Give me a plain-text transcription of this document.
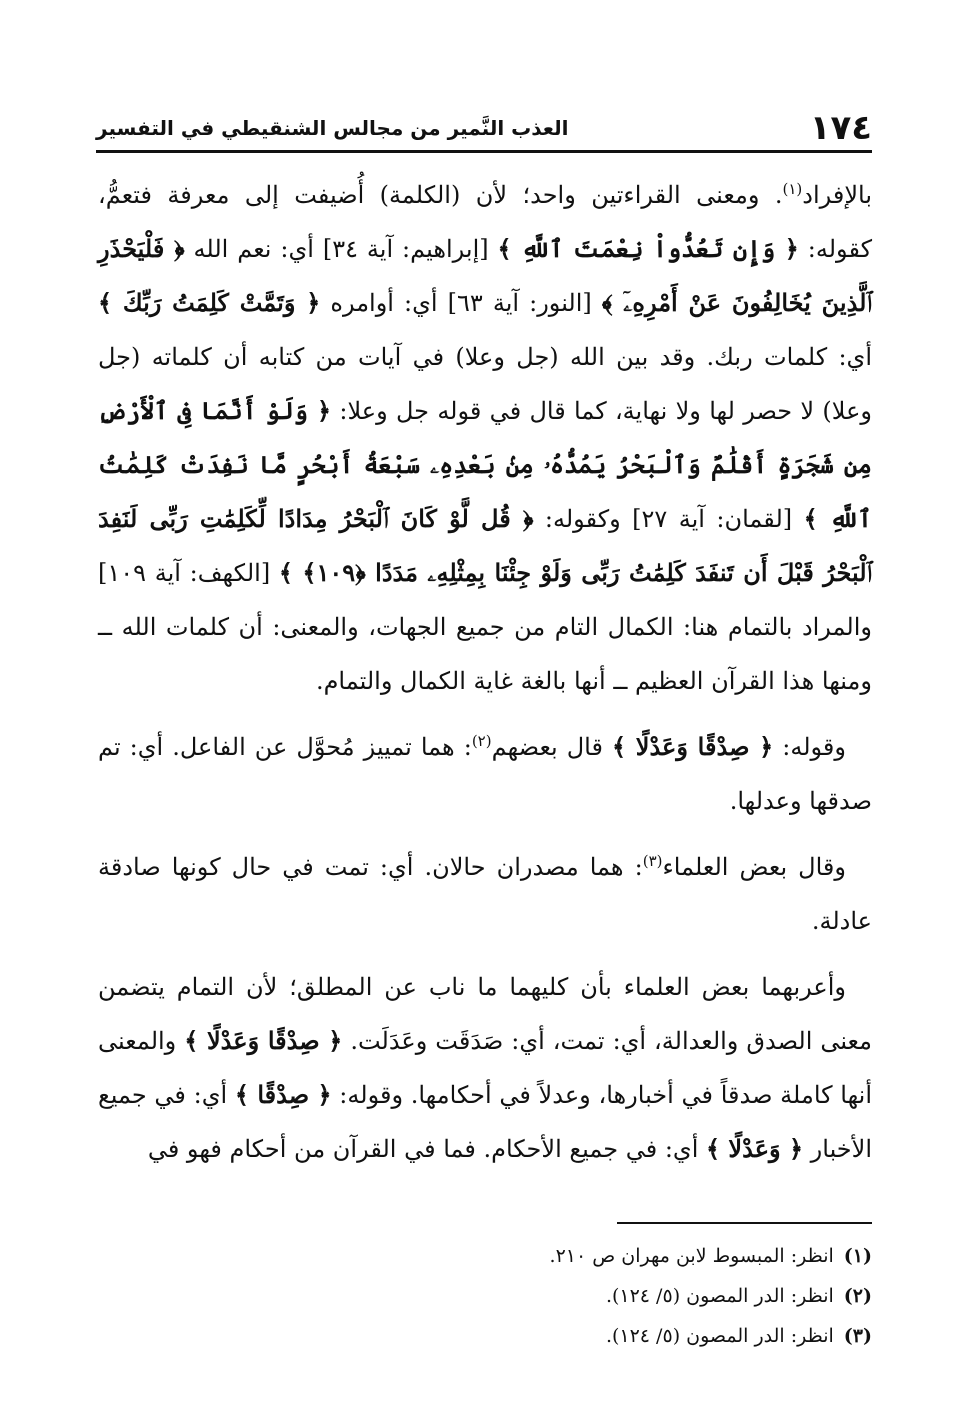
١٧٤
العذب النَّمير من مجالس الشنقيطي في التفسير

بالإفراد$^{(١)}$. ومعنى القراءتين واحد؛ لأن (الكلمة) أُضيفت إلى معرفة فتعمُّ، كقوله: ﴿ وَإِن تَعُدُّواْ نِعْمَتَ ٱللَّهِ ﴾ [إبراهيم: آية ٣٤] أي: نعم الله ﴿ فَلْيَحْذَرِ ٱلَّذِينَ يُخَالِفُونَ عَنْ أَمْرِهِۦٓ ﴾ [النور: آية ٦٣] أي: أوامره ﴿ وَتَمَّتْ كَلِمَتُ رَبِّكَ ﴾ أي: كلمات ربك. وقد بين الله (جل وعلا) في آيات من كتابه أن كلماته (جل وعلا) لا حصر لها ولا نهاية، كما قال في قوله جل وعلا: ﴿ وَلَوْ أَنَّمَا فِى ٱلْأَرْضِ مِن شَجَرَةٍ أَقْلَٰمٌ وَٱلْبَحْرُ يَمُدُّهُۥ مِنۢ بَعْدِهِۦ سَبْعَةُ أَبْحُرٍ مَّا نَفِدَتْ كَلِمَٰتُ ٱللَّهِ ﴾ [لقمان: آية ٢٧] وكقوله: ﴿ قُل لَّوْ كَانَ ٱلْبَحْرُ مِدَادًا لِّكَلِمَٰتِ رَبِّى لَنَفِدَ ٱلْبَحْرُ قَبْلَ أَن تَنفَدَ كَلِمَٰتُ رَبِّى وَلَوْ جِئْنَا بِمِثْلِهِۦ مَدَدًا ﴿١٠٩﴾ ﴾ [الكهف: آية ١٠٩] والمراد بالتمام هنا: الكمال التام من جميع الجهات، والمعنى: أن كلمات الله ــ ومنها هذا القرآن العظيم ــ أنها بالغة غاية الكمال والتمام.

وقوله: ﴿ صِدْقًا وَعَدْلًا ﴾ قال بعضهم$^{(٢)}$: هما تمييز مُحوَّل عن الفاعل. أي: تم صدقها وعدلها.

وقال بعض العلماء$^{(٣)}$: هما مصدران حالان. أي: تمت في حال كونها صادقة عادلة.

وأعربهما بعض العلماء بأن كليهما ما ناب عن المطلق؛ لأن التمام يتضمن معنى الصدق والعدالة، أي: تمت، أي: صَدَقَت وعَدَلَت. ﴿ صِدْقًا وَعَدْلًا ﴾ والمعنى أنها كاملة صدقاً في أخبارها، وعدلاً في أحكامها. وقوله: ﴿ صِدْقًا ﴾ أي: في جميع الأخبار ﴿ وَعَدْلًا ﴾ أي: في جميع الأحكام. فما في القرآن من أحكام فهو في

(١)انظر: المبسوط لابن مهران ص ٢١٠.

(٢)انظر: الدر المصون (٥/ ١٢٤).

(٣)انظر: الدر المصون (٥/ ١٢٤).
